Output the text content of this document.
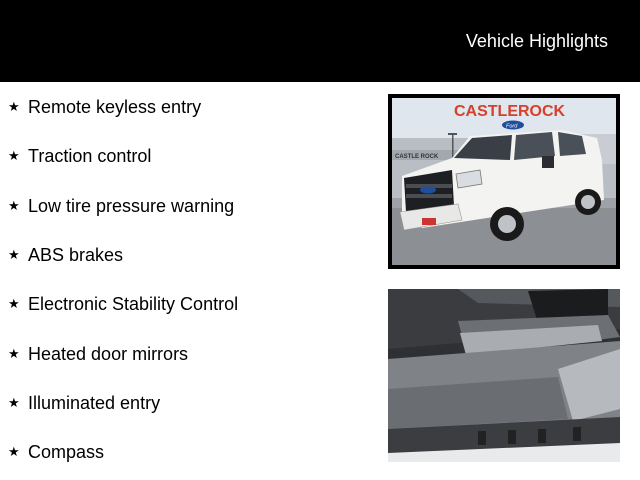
Vehicle Highlights
★ Remote keyless entry
★ Traction control
★ Low tire pressure warning
★ ABS brakes
★ Electronic Stability Control
★ Heated door mirrors
★ Illuminated entry
★ Compass
CASTLE ROCK
CASTLEROCK
Ford
